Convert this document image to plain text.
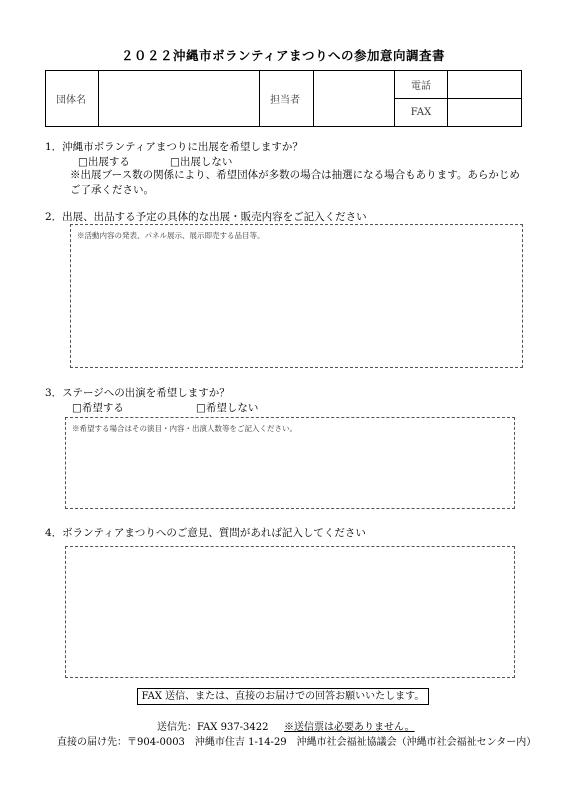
２０２２沖縄市ボランティアまつりへの参加意向調査書
団体名		担当者		電話	
				FAX	
1．沖縄市ボランティアまつりに出展を希望しますか？
□出展する	□出展しない
※出展ブース数の関係により、希望団体が多数の場合は抽選になる場合もあります。あらかじめご了承ください。
2．出展、出品する予定の具体的な出展・販売内容をご記入ください
※活動内容の発表、パネル展示、展示即売する品目等。
3．ステージへの出演を希望しますか？
□希望する	□希望しない
※希望する場合はその演目・内容・出演人数等をご記入ください。
4．ボランティアまつりへのご意見、質問があれば記入してください
FAX 送信、または、直接のお届けでの回答お願いいたします。
送信先：FAX 937-3422 ※送信票は必要ありません。
直接の届け先：〒904-0003　沖縄市住吉 1-14-29　沖縄市社会福祉協議会（沖縄市社会福祉センター内）
